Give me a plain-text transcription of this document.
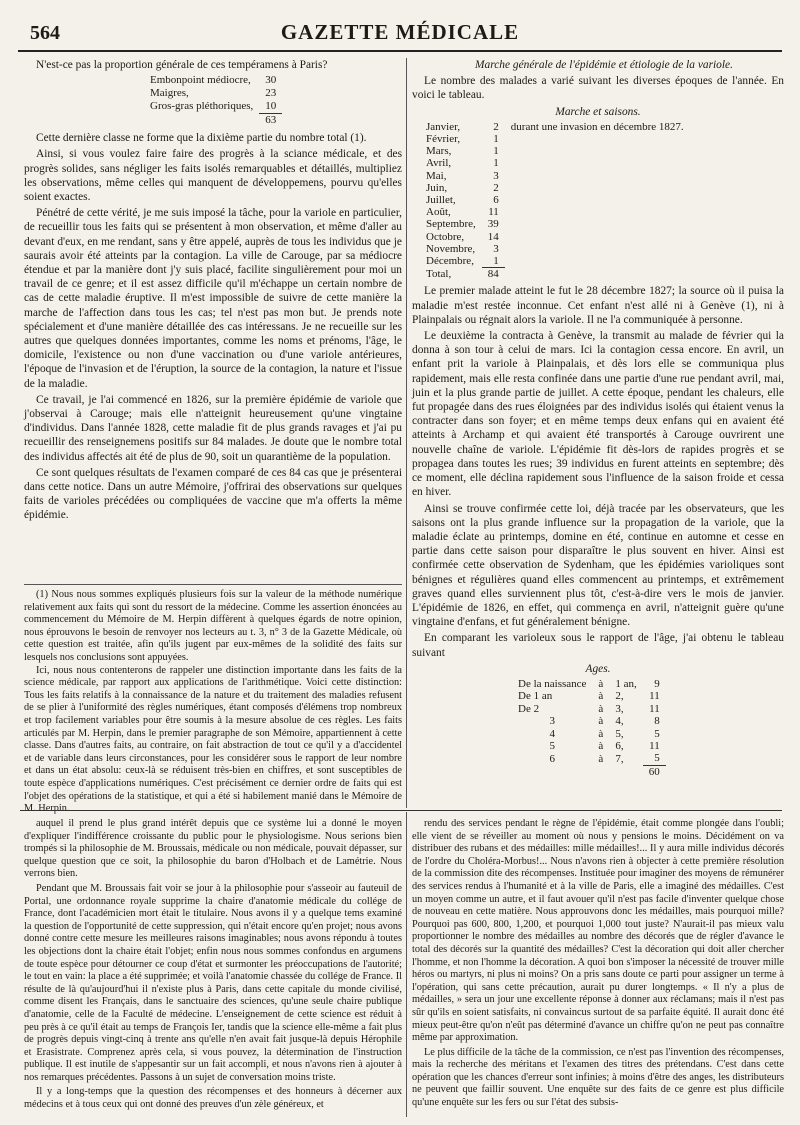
564	GAZETTE MÉDICALE

N'est-ce pas la proportion générale de ces tempéramens à Paris?

Embonpoint médiocre,	30
Maigres,	23
Gros-gras pléthoriques,	10
	63

Cette dernière classe ne forme que la dixième partie du nombre total (1).

Ainsi, si vous voulez faire faire des progrès à la sciance médicale, et des progrès solides, sans négliger les faits isolés remarquables et détaillés, multipliez les observations, même celles qui manquent de développemens, pourvu qu'elles soient exactes.

Pénétré de cette vérité, je me suis imposé la tâche, pour la variole en particulier, de recueillir tous les faits qui se présentent à mon observation, et même d'aller au devant d'eux, en me rendant, sans y être appelé, auprès de tous les individus que je saurais avoir été atteints par la contagion. La ville de Carouge, par sa médiocre étendue et par la manière dont j'y suis placé, facilite singulièrement pour moi un travail de ce genre; et il est assez difficile qu'il m'échappe un certain nombre de cas de cette maladie éruptive. Il m'est impossible de suivre de cette manière la marche de l'affection dans tous les cas; tel n'est pas mon but. Je prends note spécialement et d'une manière détaillée des cas intéressans. Je ne recueille sur les autres que quelques données importantes, comme les noms et prénoms, l'âge, le domicile, l'existence ou non d'une vaccination ou d'une variole antérieures, l'époque de l'invasion et de l'éruption, la source de la contagion, la nature et l'issue de la maladie.

Ce travail, je l'ai commencé en 1826, sur la première épidémie de variole que j'observai à Carouge; mais elle n'atteignit heureusement qu'une vingtaine d'individus. Dans l'année 1828, cette maladie fit de plus grands ravages et j'ai pu recueillir des renseignemens positifs sur 84 malades. Je doute que le nombre total des individus affectés ait été de plus de 90, soit un quarantième de la population.

Ce sont quelques résultats de l'examen comparé de ces 84 cas que je présenterai dans cette notice. Dans un autre Mémoire, j'offrirai des observations sur quelques faits de varioles précédées ou compliquées de vaccine que m'a offerts la même épidémie.

(1) Nous nous sommes expliqués plusieurs fois sur la valeur de la méthode numérique relativement aux faits qui sont du ressort de la médecine. Comme les assertion énoncées au commencement du Mémoire de M. Herpin diffèrent à quelques égards de notre opinion, nous éprouvons le besoin de renvoyer nos lecteurs au t. 3, n° 3 de la Gazette Médicale, où cette question est traitée, afin qu'ils jugent par eux-mêmes de la solidité des faits sur lesquels nos conclusions sont appuyées.

Ici, nous nous contenterons de rappeler une distinction importante dans les faits de la science médicale, par rapport aux applications de l'arithmétique. Voici cette distinction: Tous les faits relatifs à la connaissance de la nature et du traitement des maladies refusent de se plier à l'uniformité des règles numériques, étant composés d'élémens trop nombreux et trop facilement variables pour être soumis à la mesure absolue de ces règles. Les faits articulés par M. Herpin, dans le premier paragraphe de son Mémoire, appartiennent à cette classe. Dans d'autres faits, au contraire, on fait abstraction de tout ce qu'il y a d'accidentel et de variable dans leurs circonstances, pour les considérer sous le rapport de leur nombre et dans un état absolu: ceux-là se réduisent très-bien en chiffres, et sont susceptibles de toute espèce d'applications numériques. C'est précisément ce dernier ordre de faits qui est l'objet des opérations de la statistique, et qui a été si habilement manié dans le Mémoire de M. Herpin.

Marche générale de l'épidémie et étiologie de la variole.

Le nombre des malades a varié suivant les diverses époques de l'année. En voici le tableau.

Marche et saisons.
Janvier,	2	durant une invasion en décembre 1827.
Février,	1	
Mars,	1	
Avril,	1	
Mai,	3	
Juin,	2	
Juillet,	6	
Août,	11	
Septembre,	39	
Octobre,	14	
Novembre,	3	
Décembre,	1	
Total,	84	

Le premier malade atteint le fut le 28 décembre 1827; la source où il puisa la maladie m'est restée inconnue. Cet enfant n'est allé ni à Genève (1), ni à Plainpalais ou régnait alors la variole. Il ne l'a communiquée à personne.

Le deuxième la contracta à Genève, la transmit au malade de février qui la donna à son tour à celui de mars. Ici la contagion cessa encore. En avril, un enfant prit la variole à Plainpalais, et dès lors elle se communiqua plus rapidement, mais elle resta confinée dans une partie d'une rue pendant avril, mai, juin et la plus grande partie de juillet. A cette époque, pendant les chaleurs, elle fut propagée dans des rues éloignées par des individus isolés qui étaient venus la contracter dans son foyer; et en même temps deux enfans qui en avaient été atteints à Archamp et qui avaient été transportés à Carouge ouvrirent une nouvelle chaîne de variole. L'épidémie fit dès-lors de rapides progrès et se propagea dans toutes les rues; 39 individus en furent atteints en septembre; dès ce moment, elle déclina rapidement sous l'influence de la saison froide et cessa en hiver.

Ainsi se trouve confirmée cette loi, déjà tracée par les observateurs, que les saisons ont la plus grande influence sur la propagation de la variole, que la maladie éclate au printemps, domine en été, continue en automne et cesse en partie dans cette saison pour disparaître le plus souvent en hiver. Ainsi est confirmée cette observation de Sydenham, que les épidémies varioliques sont bénignes et régulières quand elles commencent au printemps, et extrêmement graves quand elles surviennent plus tôt, c'est-à-dire vers le mois de janvier. L'épidémie de 1826, en effet, qui commença en avril, n'atteignit guère qu'une vingtaine d'enfans, et fut généralement bénigne.

En comparant les varioleux sous le rapport de l'âge, j'ai obtenu le tableau suivant

Ages.
De la naissance	à	1 an,	9
De 1 an	à	2,	11
De 2	à	3,	11
3	à	4,	8
4	à	5,	5
5	à	6,	11
6	à	7,	5
			60

auquel il prend le plus grand intérêt depuis que ce système lui a donné le moyen d'expliquer l'indifférence croissante du public pour le physiologisme. Nous serions bien trompés si la philosophie de M. Broussais, médicale ou non médicale, pouvait dépasser, sur quelque question que ce soit, la philosophie du baron d'Holbach et de Lamétrie. Nous verrons bien.

Pendant que M. Broussais fait voir se jour à la philosophie pour s'asseoir au fauteuil de Portal, une ordonnance royale supprime la chaire d'anatomie médicale du collége de France, dont l'académicien mort était le titulaire. Nous avons il y a quelque tems examiné la question de l'opportunité de cette suppression, qui n'était encore qu'en projet; nous avons donné contre cette mesure les meilleures raisons imaginables; nous avons répondu à toutes les objections dont la chaire était l'objet; enfin nous nous sommes confondus en argumens de toute espèce pour détourner ce coup d'état et surmonter les préoccupations de l'autorité; le tout en vain: la place a été supprimée; et voilà l'anatomie chassée du collége de France. Il résulte de là qu'aujourd'hui il n'existe plus à Paris, dans cette capitale du monde civilisé, comme disent les Français, dans le sanctuaire des sciences, qu'une seule chaire publique d'anatomie, celle de la Faculté de médecine. L'enseignement de cette science est réduit à peu près à ce qu'il était au temps de François Ier, tandis que la science elle-même a fait plus de progrès depuis vingt-cinq à trente ans qu'elle n'en avait fait jusque-là depuis Hérophile et Erasistrate. Comprenez après cela, si vous pouvez, la détermination de l'instruction publique. Il est inutile de s'appesantir sur un fait accompli, et nous n'avons rien à ajouter à nos remarques précédentes. Passons à un sujet de conversation moins triste.

Il y a long-temps que la question des récompenses et des honneurs à décerner aux médecins et à tous ceux qui ont donné des preuves d'un zèle généreux, et

rendu des services pendant le règne de l'épidémie, était comme plongée dans l'oubli; elle vient de se réveiller au moment où nous y pensions le moins. Décidément on va distribuer des rubans et des médailles: mille médailles!... Il y aura mille individus décorés de l'ordre du Choléra-Morbus!... Nous n'avons rien à objecter à cette première résolution de la commission dite des récompenses. Instituée pour imaginer des moyens de rémunérer des services rendus à l'humanité et à la ville de Paris, elle a imaginé des médailles. C'est un moyen comme un autre, et il faut avouer qu'il n'est pas facile d'inventer quelque chose de nouveau en cette matière. Nous approuvons donc les médailles, mais pourquoi mille? Pourquoi pas 600, 800, 1,200, et pourquoi 1,000 tout juste? N'aurait-il pas mieux valu proportionner le nombre des médailles au nombre des décorés que de régler d'avance le total des décorés sur la quantité des médailles? C'est la décoration qui doit aller chercher l'homme, et non l'homme la décoration. A quoi bon s'imposer la nécessité de trouver mille héros ou martyrs, ni plus ni moins? On a pris sans doute ce parti pour assigner un terme à l'opération, qui sans cette précaution, aurait pu durer longtemps. « Il n'y a plus de médailles, » sera un jour une excellente réponse à donner aux réclamans; mais il n'est pas sûr qu'ils en soient satisfaits, ni convaincus surtout de sa parfaite équité. Il aurait donc été mieux peut-être qu'on n'eût pas déterminé d'avance un chiffre qu'on ne peut pas connaître même par approximation.

Le plus difficile de la tâche de la commission, ce n'est pas l'invention des récompenses, mais la recherche des méritans et l'examen des titres des prétendans. C'est dans cette opération que les chances d'erreur sont infinies; à moins d'être des anges, les distributeurs ne peuvent que faillir souvent. Une enquête sur des faits de ce genre est plus difficile qu'une enquête sur les fers ou sur l'état des subsis-
